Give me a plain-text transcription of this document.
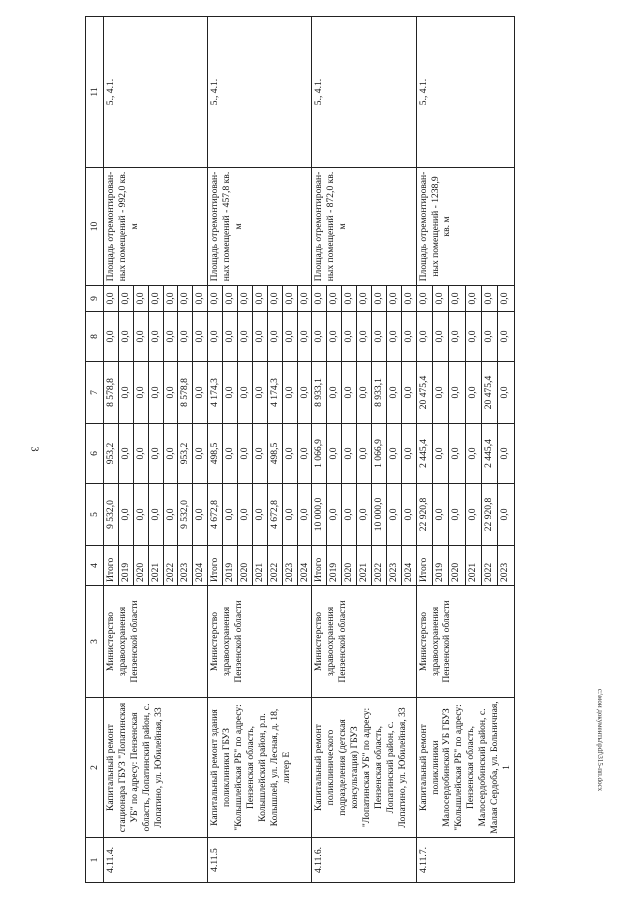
3
c:\мои документы\pdf\315-пп.docx
1	2	3	4	5	6	7	8	9	10	11
4.11.4.	Капитальный ремонт стационара ГБУЗ "Лопатинская УБ" по адресу: Пензенская область, Лопатинский район, с. Лопатино, ул. Юбилейная, 33	Министерство здравоохранения Пензенской области	Итого	9 532,0	953,2	8 578,8	0,0	0,0	Площадь отремонтирован-ных помещений - 992,0 кв. м	5., 4.1.
			2019	0,0	0,0	0,0	0,0	0,0		
			2020	0,0	0,0	0,0	0,0	0,0		
			2021	0,0	0,0	0,0	0,0	0,0		
			2022	0,0	0,0	0,0	0,0	0,0		
			2023	9 532,0	953,2	8 578,8	0,0	0,0		
			2024	0,0	0,0	0,0	0,0	0,0		
4.11.5	Капитальный ремонт здания поликлиники ГБУЗ "Колышлейская РБ" по адресу: Пензенская область, Колышлейский район, р.п. Колышлей, ул. Лесная, д. 18, литер Е	Министерство здравоохранения Пензенской области	Итого	4 672,8	498,5	4 174,3	0,0	0,0	Площадь отремонтирован-ных помещений - 457,8 кв. м	5., 4.1.
			2019	0,0	0,0	0,0	0,0	0,0		
			2020	0,0	0,0	0,0	0,0	0,0		
			2021	0,0	0,0	0,0	0,0	0,0		
			2022	4 672,8	498,5	4 174,3	0,0	0,0		
			2023	0,0	0,0	0,0	0,0	0,0		
			2024	0,0	0,0	0,0	0,0	0,0		
4.11.6.	Капитальный ремонт поликлинического подразделения (детская консультация) ГБУЗ "Лопатинская УБ" по адресу: Пензенская область, Лопатинский район, с. Лопатино, ул. Юбилейная, 33	Министерство здравоохранения Пензенской области	Итого	10 000,0	1 066,9	8 933,1	0,0	0,0	Площадь отремонтирован-ных помещений - 872,0 кв. м	5., 4.1.
			2019	0,0	0,0	0,0	0,0	0,0		
			2020	0,0	0,0	0,0	0,0	0,0		
			2021	0,0	0,0	0,0	0,0	0,0		
			2022	10 000,0	1 066,9	8 933,1	0,0	0,0		
			2023	0,0	0,0	0,0	0,0	0,0		
			2024	0,0	0,0	0,0	0,0	0,0		
4.11.7.	Капитальный ремонт поликлиники Малосердобинской УБ ГБУЗ "Колышлейская РБ" по адресу: Пензенская область, Малосердобинский район, с. Малая Сердоба, ул. Больничная, 1	Министерство здравоохранения Пензенской области	Итого	22 920,8	2 445,4	20 475,4	0,0	0,0	Площадь отремонтирован-ных помещений - 1238,9 кв. м	5., 4.1.
			2019	0,0	0,0	0,0	0,0	0,0		
			2020	0,0	0,0	0,0	0,0	0,0		
			2021	0,0	0,0	0,0	0,0	0,0		
			2022	22 920,8	2 445,4	20 475,4	0,0	0,0		
			2023	0,0	0,0	0,0	0,0	0,0		
